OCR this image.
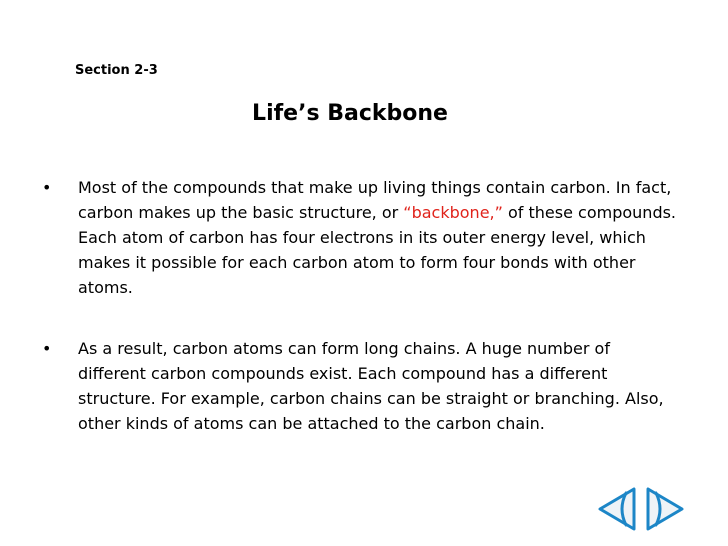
Section 2-3
Life’s Backbone
• Most of the compounds that make up living things contain carbon. In fact, carbon makes up the basic structure, or “backbone,” of these compounds. Each atom of carbon has four electrons in its outer energy level, which makes it possible for each carbon atom to form four bonds with other atoms.
• As a result, carbon atoms can form long chains. A huge number of different carbon compounds exist. Each compound has a different structure. For example, carbon chains can be straight or branching. Also, other kinds of atoms can be attached to the carbon chain.
